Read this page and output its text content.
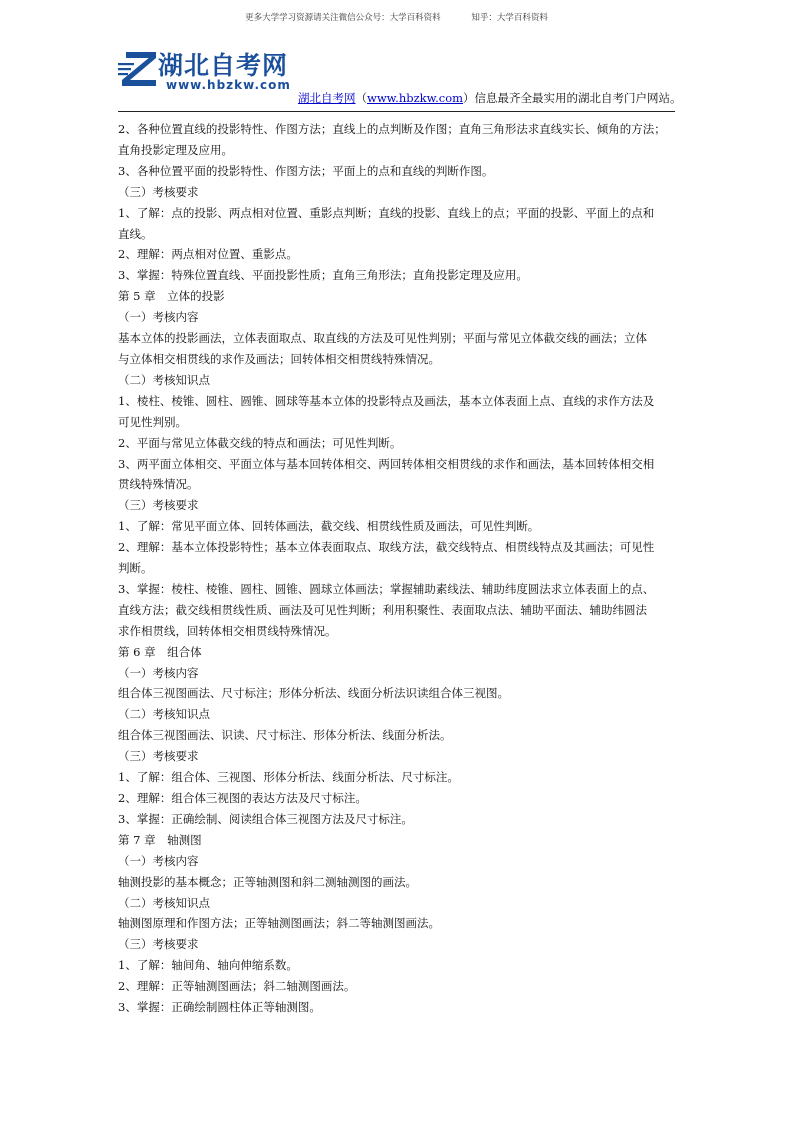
更多大学学习资源请关注微信公众号：大学百科资料	知乎：大学百科资料
湖北自考网
www.hbzkw.com
湖北自考网（www.hbzkw.com）信息最齐全最实用的湖北自考门户网站。

2、各种位置直线的投影特性、作图方法；直线上的点判断及作图；直角三角形法求直线实长、倾角的方法；

直角投影定理及应用。

3、各种位置平面的投影特性、作图方法；平面上的点和直线的判断作图。

（三）考核要求

1、了解：点的投影、两点相对位置、重影点判断；直线的投影、直线上的点；平面的投影、平面上的点和

直线。

2、理解：两点相对位置、重影点。

3、掌握：特殊位置直线、平面投影性质；直角三角形法；直角投影定理及应用。

第 5 章　立体的投影

（一）考核内容

基本立体的投影画法，立体表面取点、取直线的方法及可见性判别；平面与常见立体截交线的画法；立体

与立体相交相贯线的求作及画法；回转体相交相贯线特殊情况。

（二）考核知识点

1、棱柱、棱锥、圆柱、圆锥、圆球等基本立体的投影特点及画法，基本立体表面上点、直线的求作方法及

可见性判别。

2、平面与常见立体截交线的特点和画法；可见性判断。

3、两平面立体相交、平面立体与基本回转体相交、两回转体相交相贯线的求作和画法，基本回转体相交相

贯线特殊情况。

（三）考核要求

1、了解：常见平面立体、回转体画法，截交线、相贯线性质及画法，可见性判断。

2、理解：基本立体投影特性；基本立体表面取点、取线方法，截交线特点、相贯线特点及其画法；可见性

判断。

3、掌握：棱柱、棱锥、圆柱、圆锥、圆球立体画法；掌握辅助素线法、辅助纬度圆法求立体表面上的点、

直线方法；截交线相贯线性质、画法及可见性判断；利用积聚性、表面取点法、辅助平面法、辅助纬圆法

求作相贯线，回转体相交相贯线特殊情况。

第 6 章　组合体

（一）考核内容

组合体三视图画法、尺寸标注；形体分析法、线面分析法识读组合体三视图。

（二）考核知识点

组合体三视图画法、识读、尺寸标注、形体分析法、线面分析法。

（三）考核要求

1、了解：组合体、三视图、形体分析法、线面分析法、尺寸标注。

2、理解：组合体三视图的表达方法及尺寸标注。

3、掌握：正确绘制、阅读组合体三视图方法及尺寸标注。

第 7 章　轴测图

（一）考核内容

轴测投影的基本概念；正等轴测图和斜二测轴测图的画法。

（二）考核知识点

轴测图原理和作图方法；正等轴测图画法；斜二等轴测图画法。

（三）考核要求

1、了解：轴间角、轴向伸缩系数。

2、理解：正等轴测图画法；斜二轴测图画法。

3、掌握：正确绘制圆柱体正等轴测图。
